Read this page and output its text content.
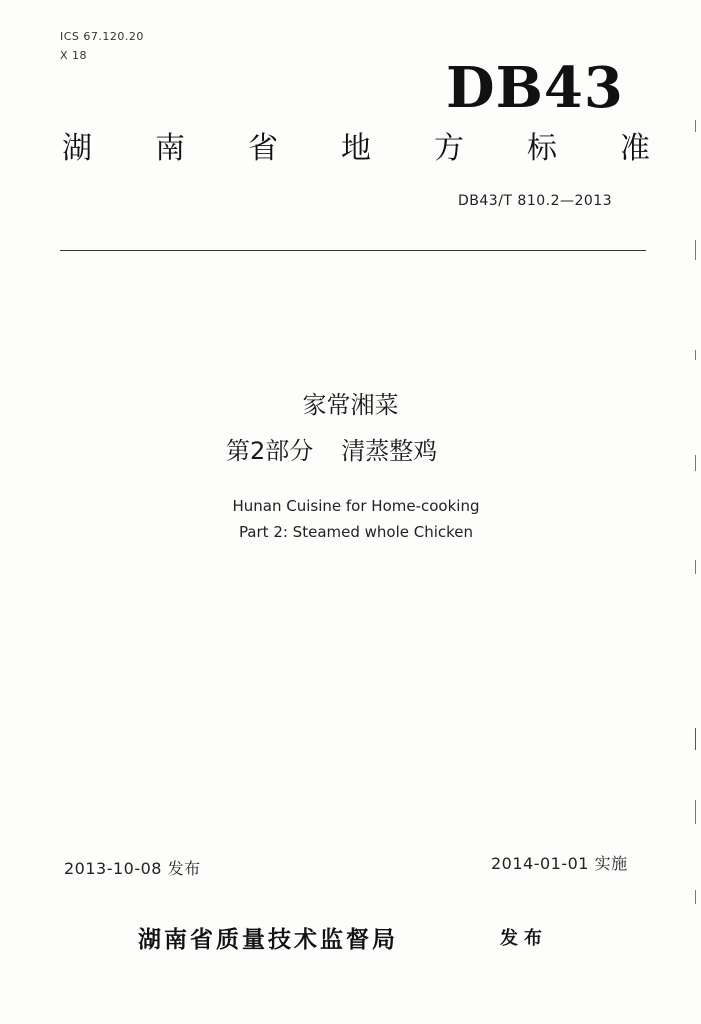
ICS 67.120.20
X 18	DB43
湖 南 省 地 方 标 准
DB43/T 810.2—2013
家常湘菜
第2部分 清蒸整鸡
Hunan Cuisine for Home-cooking
Part 2: Steamed whole Chicken
2013-10-08 发布	2014-01-01 实施
湖南省质量技术监督局	发布
